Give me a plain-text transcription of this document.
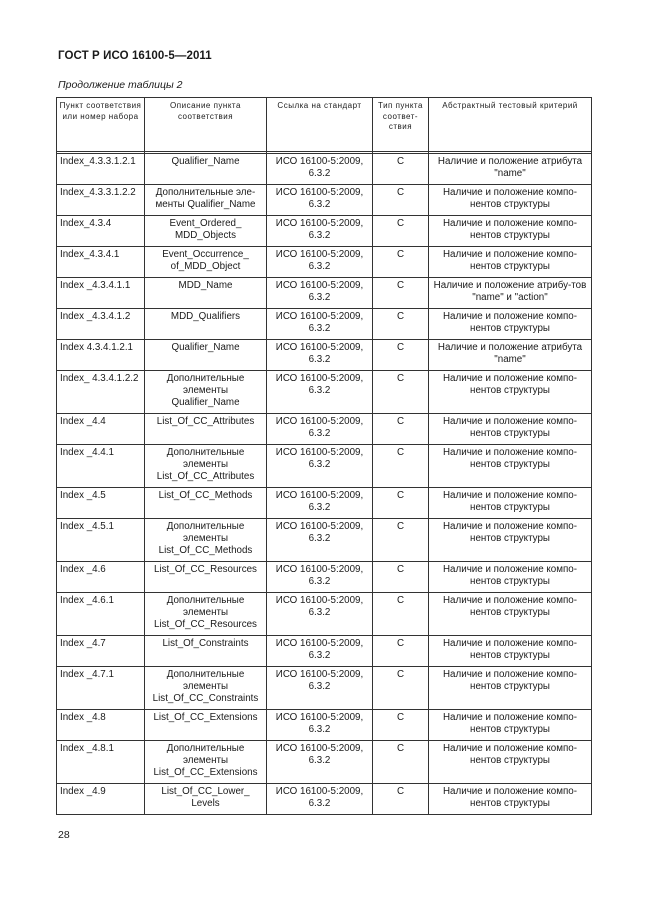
ГОСТ Р ИСО 16100-5—2011
Продолжение таблицы 2
Пункт соответствия или номер набора	Описание пункта соответствия	Ссылка на стандарт	Тип пункта соответ-ствия	Абстрактный тестовый критерий

Index_4.3.3.1.2.1	Qualifier_Name	ИСО 16100-5:2009, 6.3.2	C	Наличие и положение атрибута "name"
Index_4.3.3.1.2.2	Дополнительные эле-менты Qualifier_Name	ИСО 16100-5:2009, 6.3.2	C	Наличие и положение компо-нентов структуры
Index_4.3.4	Event_Ordered_ MDD_Objects	ИСО 16100-5:2009, 6.3.2	C	Наличие и положение компо-нентов структуры
Index_4.3.4.1	Event_Occurrence_ of_MDD_Object	ИСО 16100-5:2009, 6.3.2	C	Наличие и положение компо-нентов структуры
Index _4.3.4.1.1	MDD_Name	ИСО 16100-5:2009, 6.3.2	C	Наличие и положение атрибу-тов "name" и "action"
Index _4.3.4.1.2	MDD_Qualifiers	ИСО 16100-5:2009, 6.3.2	C	Наличие и положение компо-нентов структуры
Index 4.3.4.1.2.1	Qualifier_Name	ИСО 16100-5:2009, 6.3.2	C	Наличие и положение атрибута "name"
Index_ 4.3.4.1.2.2	Дополнительные элементы Qualifier_Name	ИСО 16100-5:2009, 6.3.2	C	Наличие и положение компо-нентов структуры
Index _4.4	List_Of_CC_Attributes	ИСО 16100-5:2009, 6.3.2	C	Наличие и положение компо-нентов структуры
Index _4.4.1	Дополнительные элементы List_Of_CC_Attributes	ИСО 16100-5:2009, 6.3.2	C	Наличие и положение компо-нентов структуры
Index _4.5	List_Of_CC_Methods	ИСО 16100-5:2009, 6.3.2	C	Наличие и положение компо-нентов структуры
Index _4.5.1	Дополнительные элементы List_Of_CC_Methods	ИСО 16100-5:2009, 6.3.2	C	Наличие и положение компо-нентов структуры
Index _4.6	List_Of_CC_Resources	ИСО 16100-5:2009, 6.3.2	C	Наличие и положение компо-нентов структуры
Index _4.6.1	Дополнительные элементы List_Of_CC_Resources	ИСО 16100-5:2009, 6.3.2	C	Наличие и положение компо-нентов структуры
Index _4.7	List_Of_Constraints	ИСО 16100-5:2009, 6.3.2	C	Наличие и положение компо-нентов структуры
Index _4.7.1	Дополнительные элементы List_Of_CC_Constraints	ИСО 16100-5:2009, 6.3.2	C	Наличие и положение компо-нентов структуры
Index _4.8	List_Of_CC_Extensions	ИСО 16100-5:2009, 6.3.2	C	Наличие и положение компо-нентов структуры
Index _4.8.1	Дополнительные элементы List_Of_CC_Extensions	ИСО 16100-5:2009, 6.3.2	C	Наличие и положение компо-нентов структуры
Index _4.9	List_Of_CC_Lower_ Levels	ИСО 16100-5:2009, 6.3.2	C	Наличие и положение компо-нентов структуры
28
